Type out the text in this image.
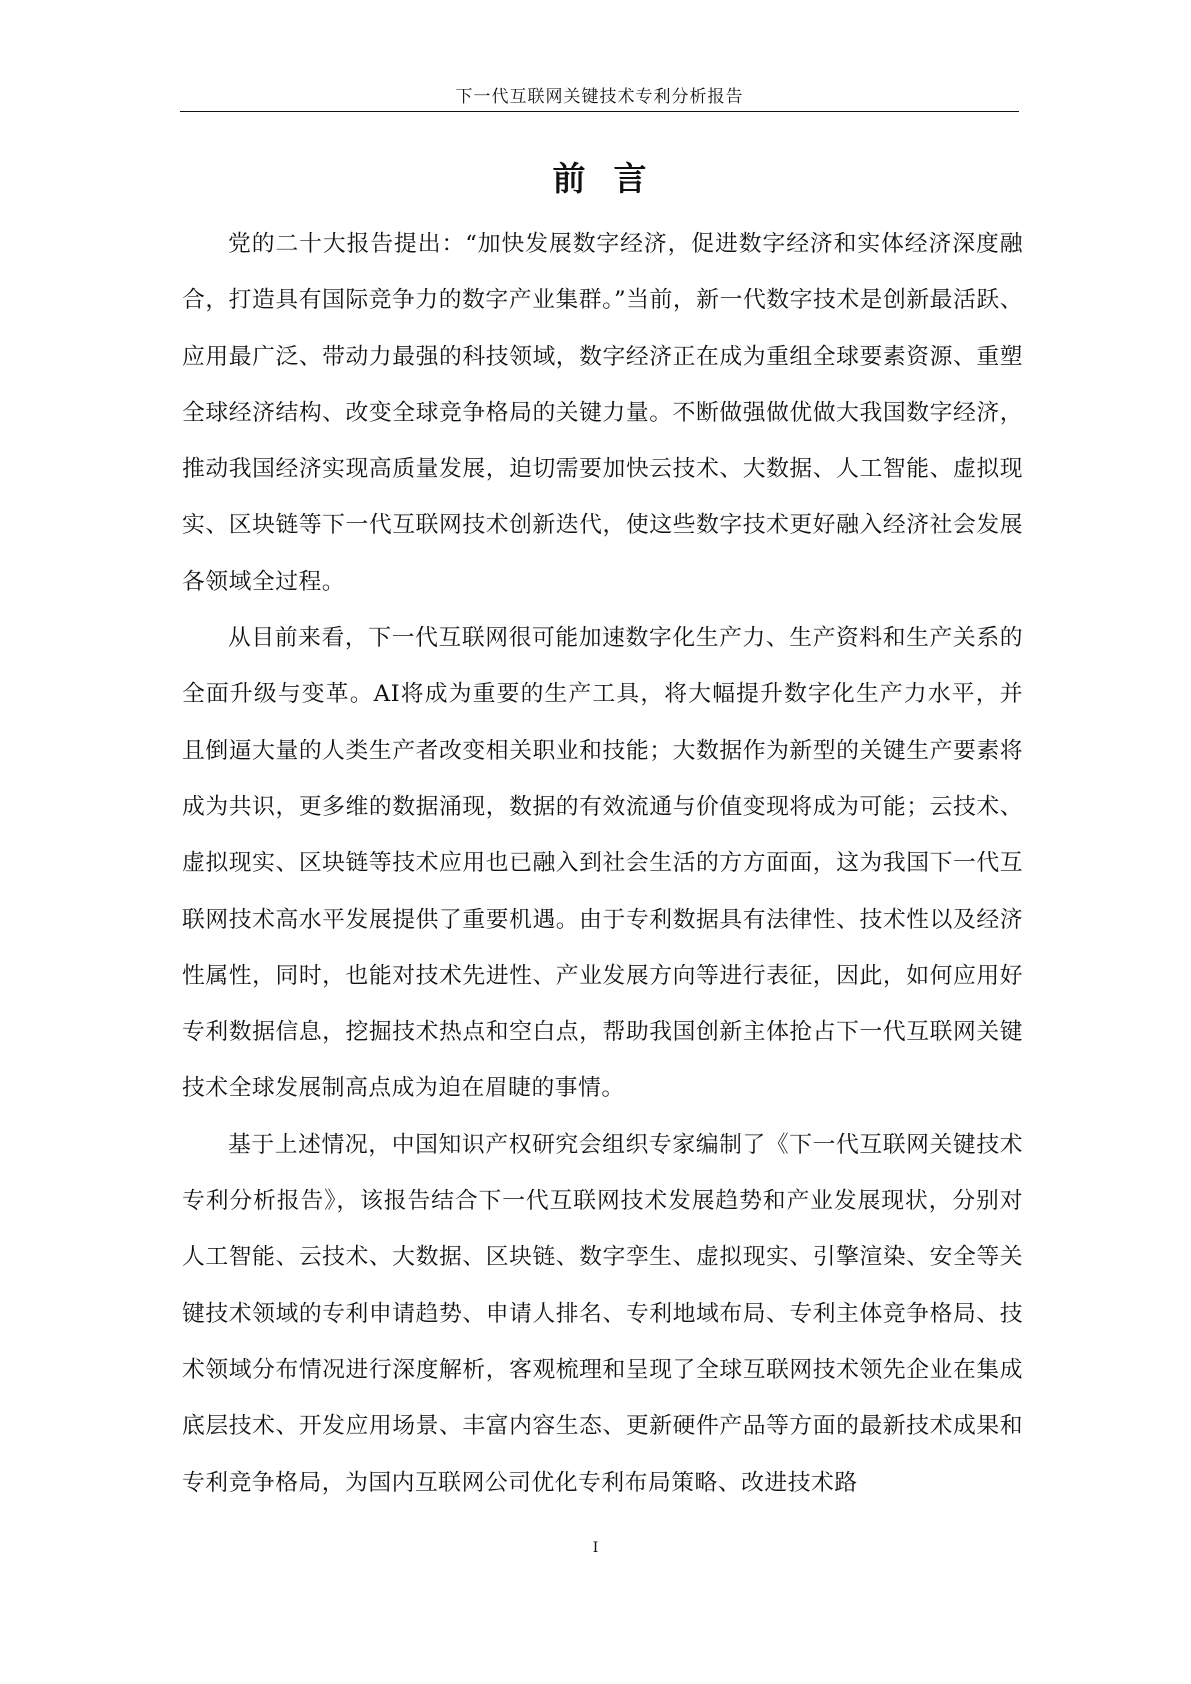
下一代互联网关键技术专利分析报告
前言

党的二十大报告提出：“加快发展数字经济，促进数字经济和实体经济深度融合，打造具有国际竞争力的数字产业集群。”当前，新一代数字技术是创新最活跃、应用最广泛、带动力最强的科技领域，数字经济正在成为重组全球要素资源、重塑全球经济结构、改变全球竞争格局的关键力量。不断做强做优做大我国数字经济，推动我国经济实现高质量发展，迫切需要加快云技术、大数据、人工智能、虚拟现实、区块链等下一代互联网技术创新迭代，使这些数字技术更好融入经济社会发展各领域全过程。

从目前来看，下一代互联网很可能加速数字化生产力、生产资料和生产关系的全面升级与变革。AI将成为重要的生产工具，将大幅提升数字化生产力水平，并且倒逼大量的人类生产者改变相关职业和技能；大数据作为新型的关键生产要素将成为共识，更多维的数据涌现，数据的有效流通与价值变现将成为可能；云技术、虚拟现实、区块链等技术应用也已融入到社会生活的方方面面，这为我国下一代互联网技术高水平发展提供了重要机遇。由于专利数据具有法律性、技术性以及经济性属性，同时，也能对技术先进性、产业发展方向等进行表征，因此，如何应用好专利数据信息，挖掘技术热点和空白点，帮助我国创新主体抢占下一代互联网关键技术全球发展制高点成为迫在眉睫的事情。

基于上述情况，中国知识产权研究会组织专家编制了《下一代互联网关键技术专利分析报告》，该报告结合下一代互联网技术发展趋势和产业发展现状，分别对人工智能、云技术、大数据、区块链、数字孪生、虚拟现实、引擎渲染、安全等关键技术领域的专利申请趋势、申请人排名、专利地域布局、专利主体竞争格局、技术领域分布情况进行深度解析，客观梳理和呈现了全球互联网技术领先企业在集成底层技术、开发应用场景、丰富内容生态、更新硬件产品等方面的最新技术成果和专利竞争格局，为国内互联网公司优化专利布局策略、改进技术路

I
